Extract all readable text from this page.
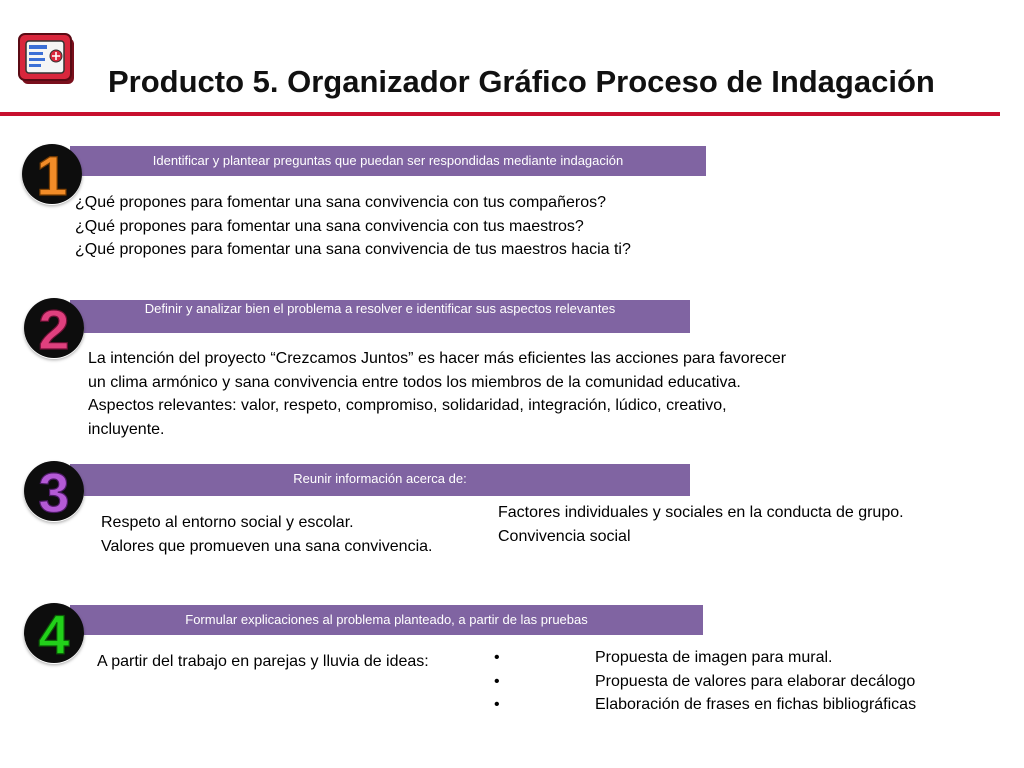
Producto 5. Organizador Gráfico Proceso de Indagación
Identificar y plantear preguntas que puedan ser respondidas mediante indagación
1 ¿Qué propones para fomentar una sana convivencia con tus compañeros?
¿Qué propones para fomentar una sana convivencia con tus maestros?
¿Qué propones para fomentar una sana convivencia de tus maestros hacia ti?
Definir y analizar bien el problema a resolver e identificar sus aspectos relevantes
2 La intención del proyecto “Crezcamos Juntos” es hacer más eficientes las acciones para favorecer
un clima armónico y sana convivencia entre todos los miembros de la comunidad educativa.
Aspectos relevantes: valor, respeto, compromiso, solidaridad, integración, lúdico, creativo,
incluyente.
Reunir información acerca de:
3 Respeto al entorno social y escolar.
Valores que promueven una sana convivencia.
Factores individuales y sociales en la conducta de grupo.
Convivencia social
Formular explicaciones al problema planteado, a partir de las pruebas
4 A partir del trabajo en parejas y lluvia de ideas:	•	Propuesta de imagen para mural.
•	Propuesta de valores para elaborar decálogo
•	Elaboración de frases en fichas bibliográficas
